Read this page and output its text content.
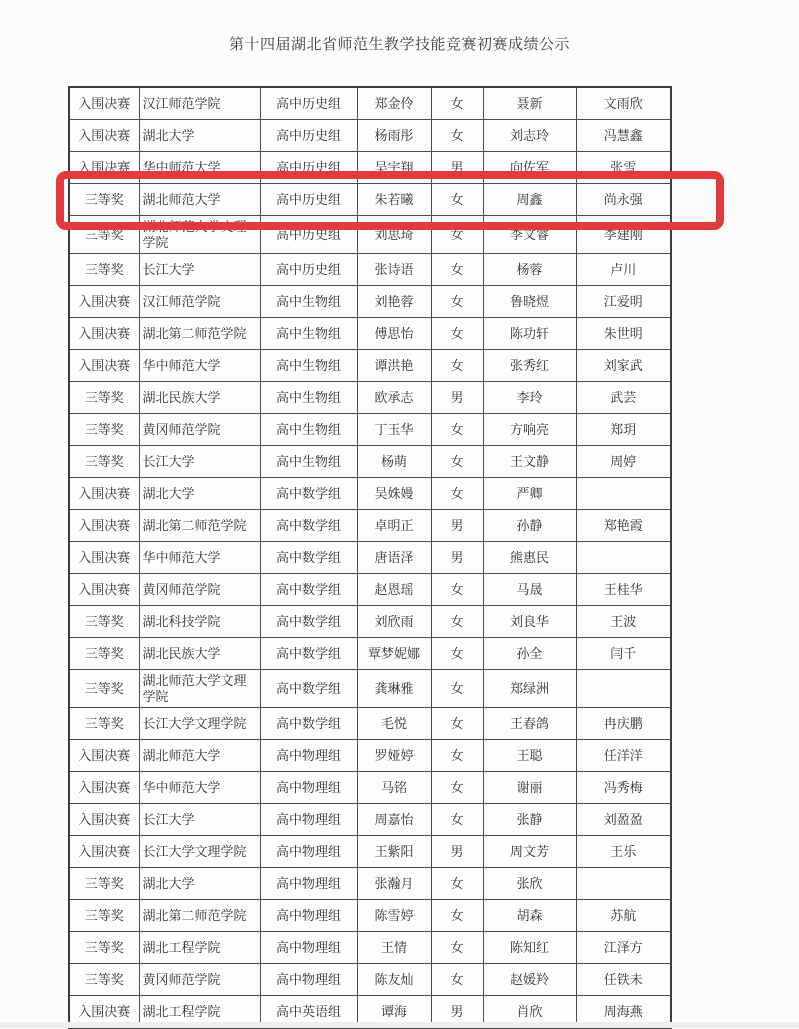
第十四届湖北省师范生教学技能竞赛初赛成绩公示
入围决赛	汉江师范学院	高中历史组	郑金伶	女	聂新	文雨欣
入围决赛	湖北大学	高中历史组	杨雨彤	女	刘志玲	冯慧鑫
入围决赛	华中师范大学	高中历史组	吴宇翔	男	向佐军	张雪
三等奖	湖北师范大学	高中历史组	朱若曦	女	周鑫	尚永强
三等奖	湖北师范大学文理学院	高中历史组	刘思琦	女	李文睿	李建刚
三等奖	长江大学	高中历史组	张诗语	女	杨蓉	卢川
入围决赛	汉江师范学院	高中生物组	刘艳蓉	女	鲁晓煜	江爱明
入围决赛	湖北第二师范学院	高中生物组	傅思怡	女	陈功轩	朱世明
入围决赛	华中师范大学	高中生物组	谭洪艳	女	张秀红	刘家武
三等奖	湖北民族大学	高中生物组	欧承志	男	李玲	武芸
三等奖	黄冈师范学院	高中生物组	丁玉华	女	方响亮	郑玥
三等奖	长江大学	高中生物组	杨萌	女	王文静	周婷
入围决赛	湖北大学	高中数学组	吴姝嫚	女	严卿	
入围决赛	湖北第二师范学院	高中数学组	卓明正	男	孙静	郑艳霞
入围决赛	华中师范大学	高中数学组	唐语泽	男	熊惠民	
入围决赛	黄冈师范学院	高中数学组	赵恩瑶	女	马晟	王桂华
三等奖	湖北科技学院	高中数学组	刘欣雨	女	刘良华	王波
三等奖	湖北民族大学	高中数学组	覃梦妮娜	女	孙全	闫千
三等奖	湖北师范大学文理学院	高中数学组	龚琳雅	女	郑绿洲	
三等奖	长江大学文理学院	高中数学组	毛悦	女	王春鸽	冉庆鹏
入围决赛	湖北师范大学	高中物理组	罗娅婷	女	王聪	任洋洋
入围决赛	华中师范大学	高中物理组	马铭	女	谢丽	冯秀梅
入围决赛	长江大学	高中物理组	周嘉怡	女	张静	刘盈盈
入围决赛	长江大学文理学院	高中物理组	王紫阳	男	周文芳	王乐
三等奖	湖北大学	高中物理组	张瀚月	女	张欣	
三等奖	湖北第二师范学院	高中物理组	陈雪婷	女	胡森	苏航
三等奖	湖北工程学院	高中物理组	王情	女	陈知红	江泽方
三等奖	黄冈师范学院	高中物理组	陈友灿	女	赵媛羚	任铁未
入围决赛	湖北工程学院	高中英语组	谭海	男	肖欣	周海燕
